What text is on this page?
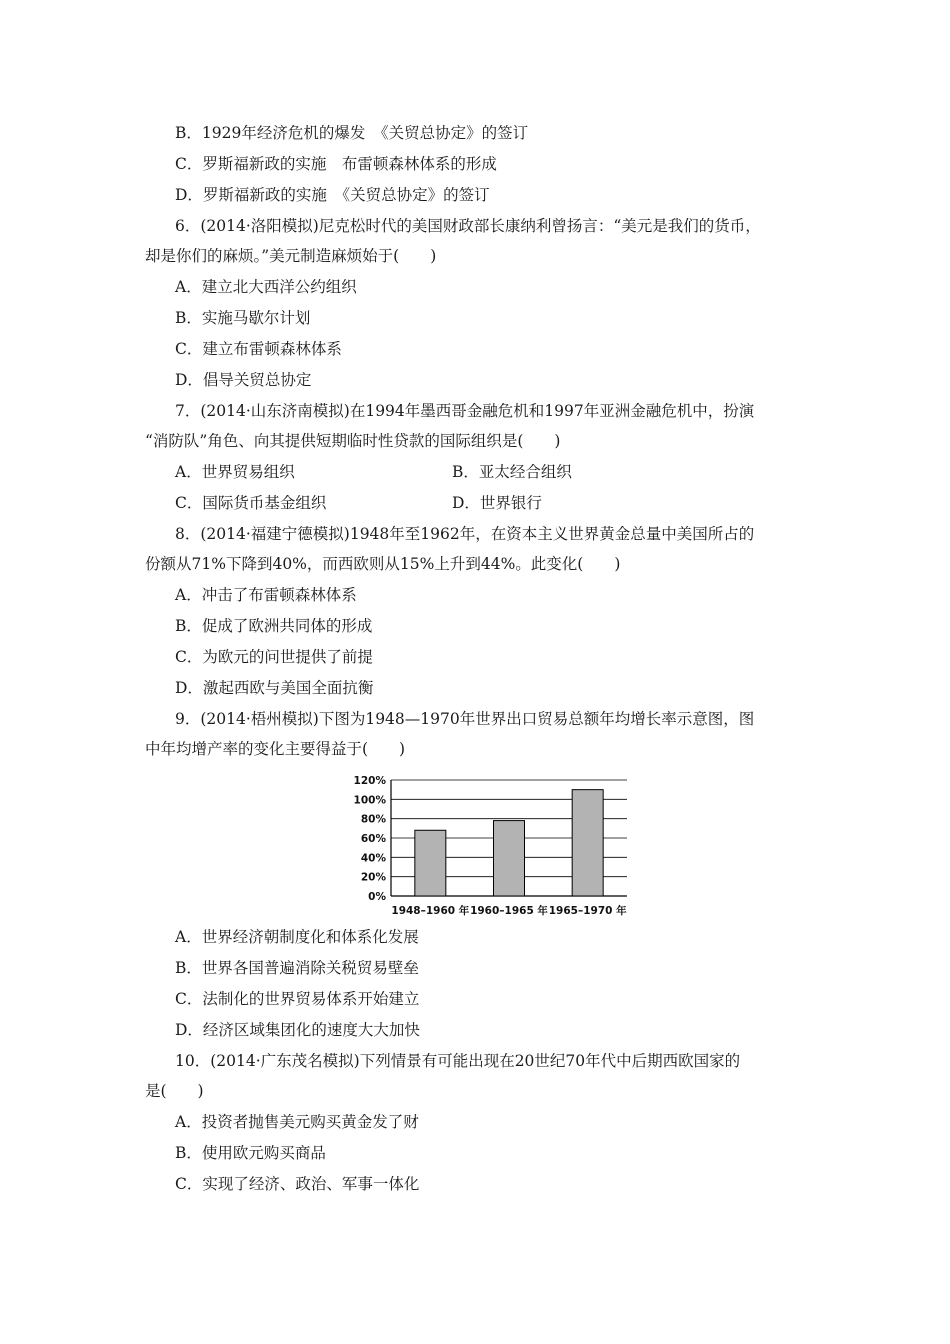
B．1929年经济危机的爆发　《关贸总协定》的签订
C．罗斯福新政的实施　布雷顿森林体系的形成
D．罗斯福新政的实施　《关贸总协定》的签订
6．(2014·洛阳模拟)尼克松时代的美国财政部长康纳利曾扬言：“美元是我们的货币，
却是你们的麻烦。”美元制造麻烦始于(　　)
A．建立北大西洋公约组织
B．实施马歇尔计划
C．建立布雷顿森林体系
D．倡导关贸总协定
7．(2014·山东济南模拟)在1994年墨西哥金融危机和1997年亚洲金融危机中，扮演
“消防队”角色、向其提供短期临时性贷款的国际组织是(　　)
A．世界贸易组织	B．亚太经合组织
C．国际货币基金组织	D．世界银行
8．(2014·福建宁德模拟)1948年至1962年，在资本主义世界黄金总量中美国所占的
份额从71%下降到40%，而西欧则从15%上升到44%。此变化(　　)
A．冲击了布雷顿森林体系
B．促成了欧洲共同体的形成
C．为欧元的问世提供了前提
D．激起西欧与美国全面抗衡
9．(2014·梧州模拟)下图为1948—1970年世界出口贸易总额年均增长率示意图，图
中年均增产率的变化主要得益于(　　)
120%
100%
80%
60%
40%
20%
0%
1948–1960 年 1960–1965 年 1965–1970 年
A．世界经济朝制度化和体系化发展
B．世界各国普遍消除关税贸易壁垒
C．法制化的世界贸易体系开始建立
D．经济区域集团化的速度大大加快
10．(2014·广东茂名模拟)下列情景有可能出现在20世纪70年代中后期西欧国家的
是(　　)
A．投资者抛售美元购买黄金发了财
B．使用欧元购买商品
C．实现了经济、政治、军事一体化
